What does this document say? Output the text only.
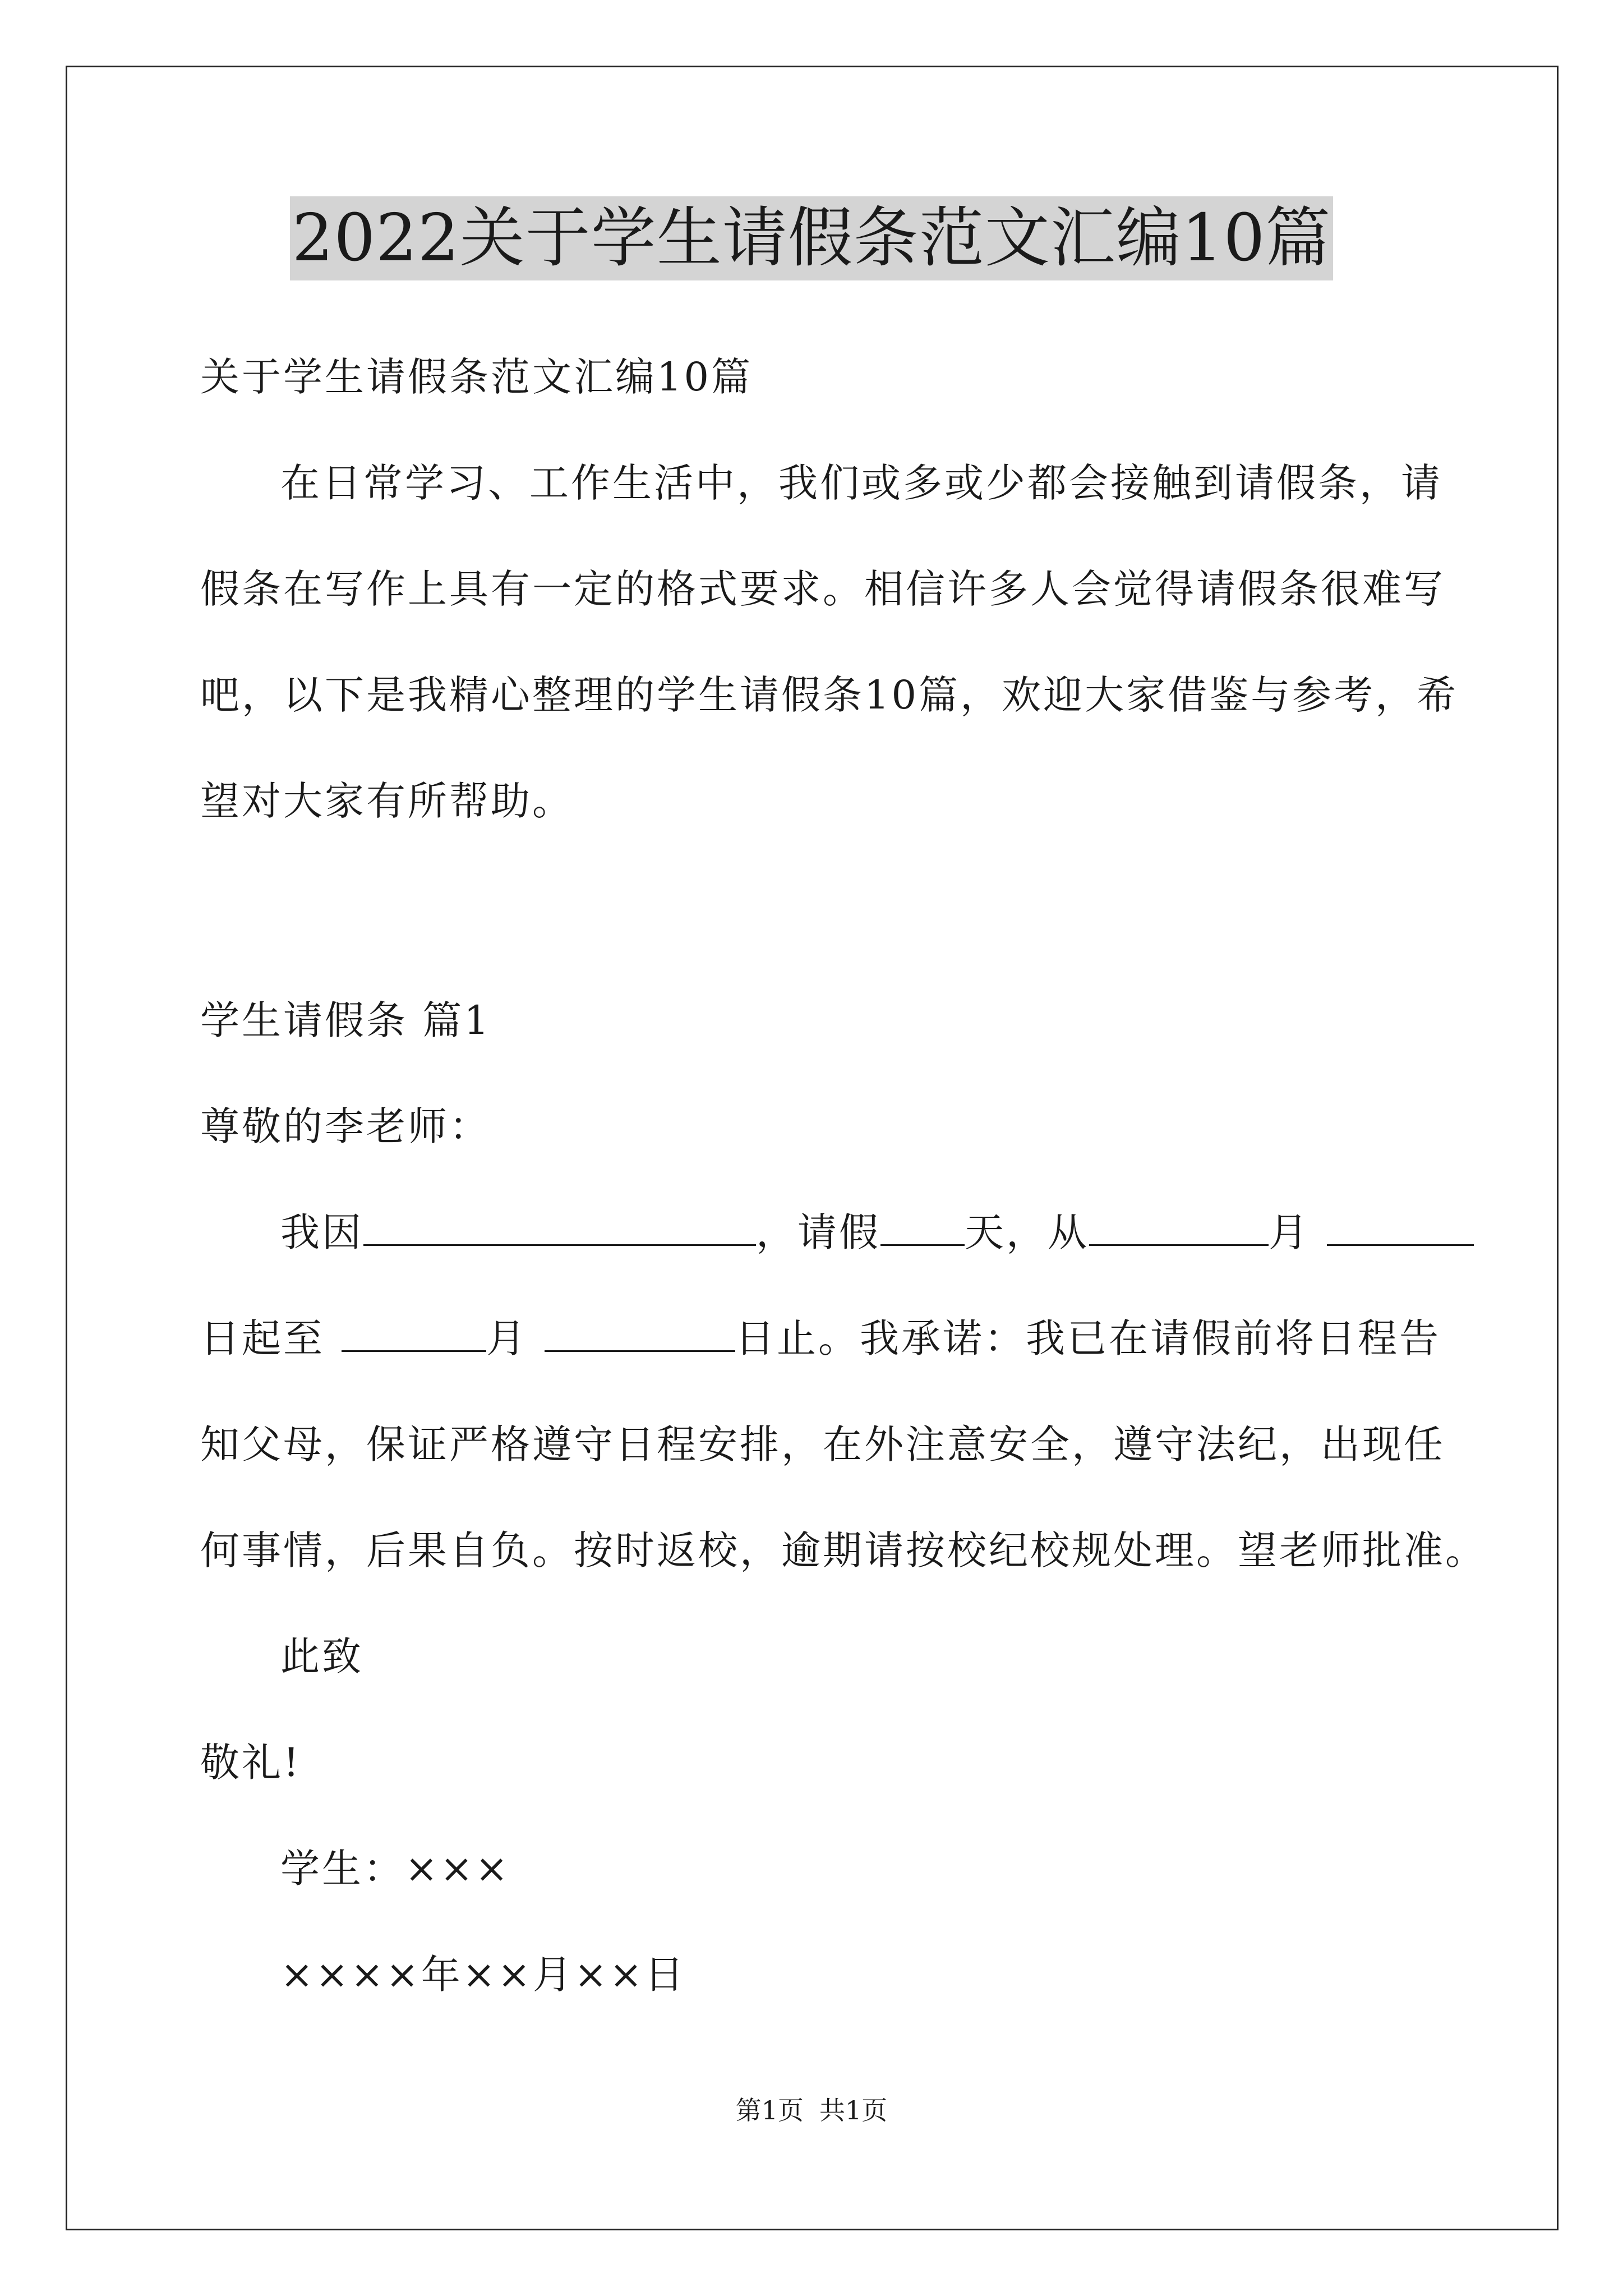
2022关于学生请假条范文汇编10篇
关于学生请假条范文汇编10篇
在日常学习、工作生活中，我们或多或少都会接触到请假条，请
假条在写作上具有一定的格式要求。相信许多人会觉得请假条很难写
吧，以下是我精心整理的学生请假条10篇，欢迎大家借鉴与参考，希
望对大家有所帮助。
学生请假条 篇1
尊敬的李老师：
我因	，请假 天，从	月
日起至	月	日止。我承诺：我已在请假前将日程告
知父母，保证严格遵守日程安排，在外注意安全，遵守法纪，出现任
何事情，后果自负。按时返校，逾期请按校纪校规处理。望老师批准。
此致
敬礼!
学生：×××
××××年××月××日
第1页 共1页
